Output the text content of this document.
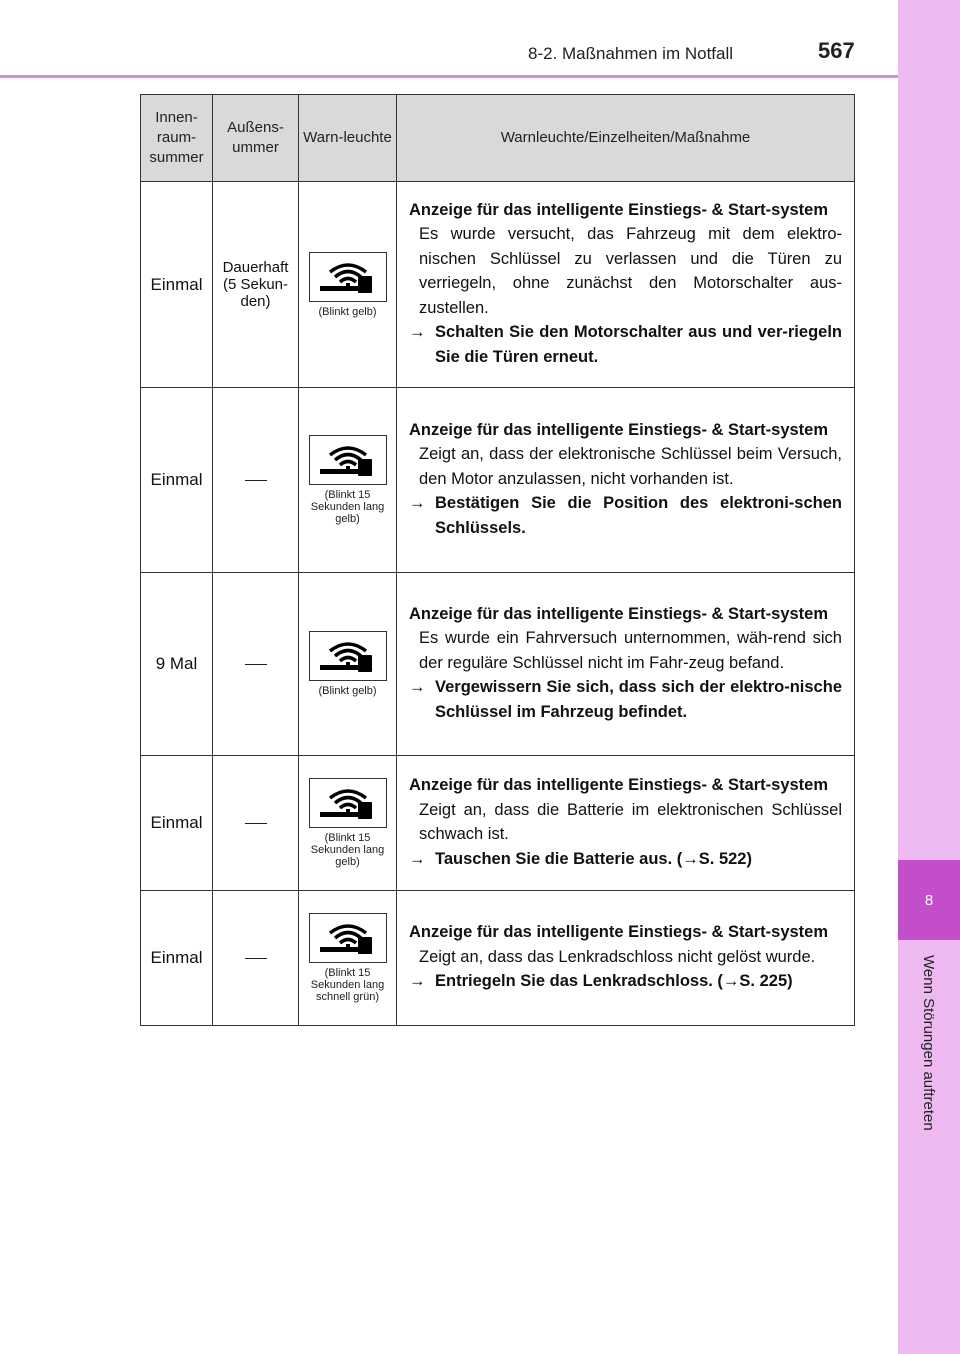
8
Wenn Störungen auftreten
8-2. Maßnahmen im Notfall	567
Innen-raum-summer	Außens-ummer	Warn-leuchte	Warnleuchte/Einzelheiten/Maßnahme
Einmal	Dauerhaft (5 Sekun-den)	(Blinkt gelb)	Anzeige für das intelligente Einstiegs- & Start-system
Es wurde versucht, das Fahrzeug mit dem elektro-nischen Schlüssel zu verlassen und die Türen zu verriegeln, ohne zunächst den Motorschalter aus-zustellen.
→ Schalten Sie den Motorschalter aus und ver-riegeln Sie die Türen erneut.

Einmal		(Blinkt 15 Sekunden lang gelb)	Anzeige für das intelligente Einstiegs- & Start-system
Zeigt an, dass der elektronische Schlüssel beim Versuch, den Motor anzulassen, nicht vorhanden ist.
→ Bestätigen Sie die Position des elektroni-schen Schlüssels.

9 Mal		(Blinkt gelb)	Anzeige für das intelligente Einstiegs- & Start-system
Es wurde ein Fahrversuch unternommen, wäh-rend sich der reguläre Schlüssel nicht im Fahr-zeug befand.
→ Vergewissern Sie sich, dass sich der elektro-nische Schlüssel im Fahrzeug befindet.

Einmal		(Blinkt 15 Sekunden lang gelb)	Anzeige für das intelligente Einstiegs- & Start-system
Zeigt an, dass die Batterie im elektronischen Schlüssel schwach ist.
→ Tauschen Sie die Batterie aus. (→S. 522)

Einmal		(Blinkt 15 Sekunden lang schnell grün)	Anzeige für das intelligente Einstiegs- & Start-system
Zeigt an, dass das Lenkradschloss nicht gelöst wurde.
→ Entriegeln Sie das Lenkradschloss. (→S. 225)
